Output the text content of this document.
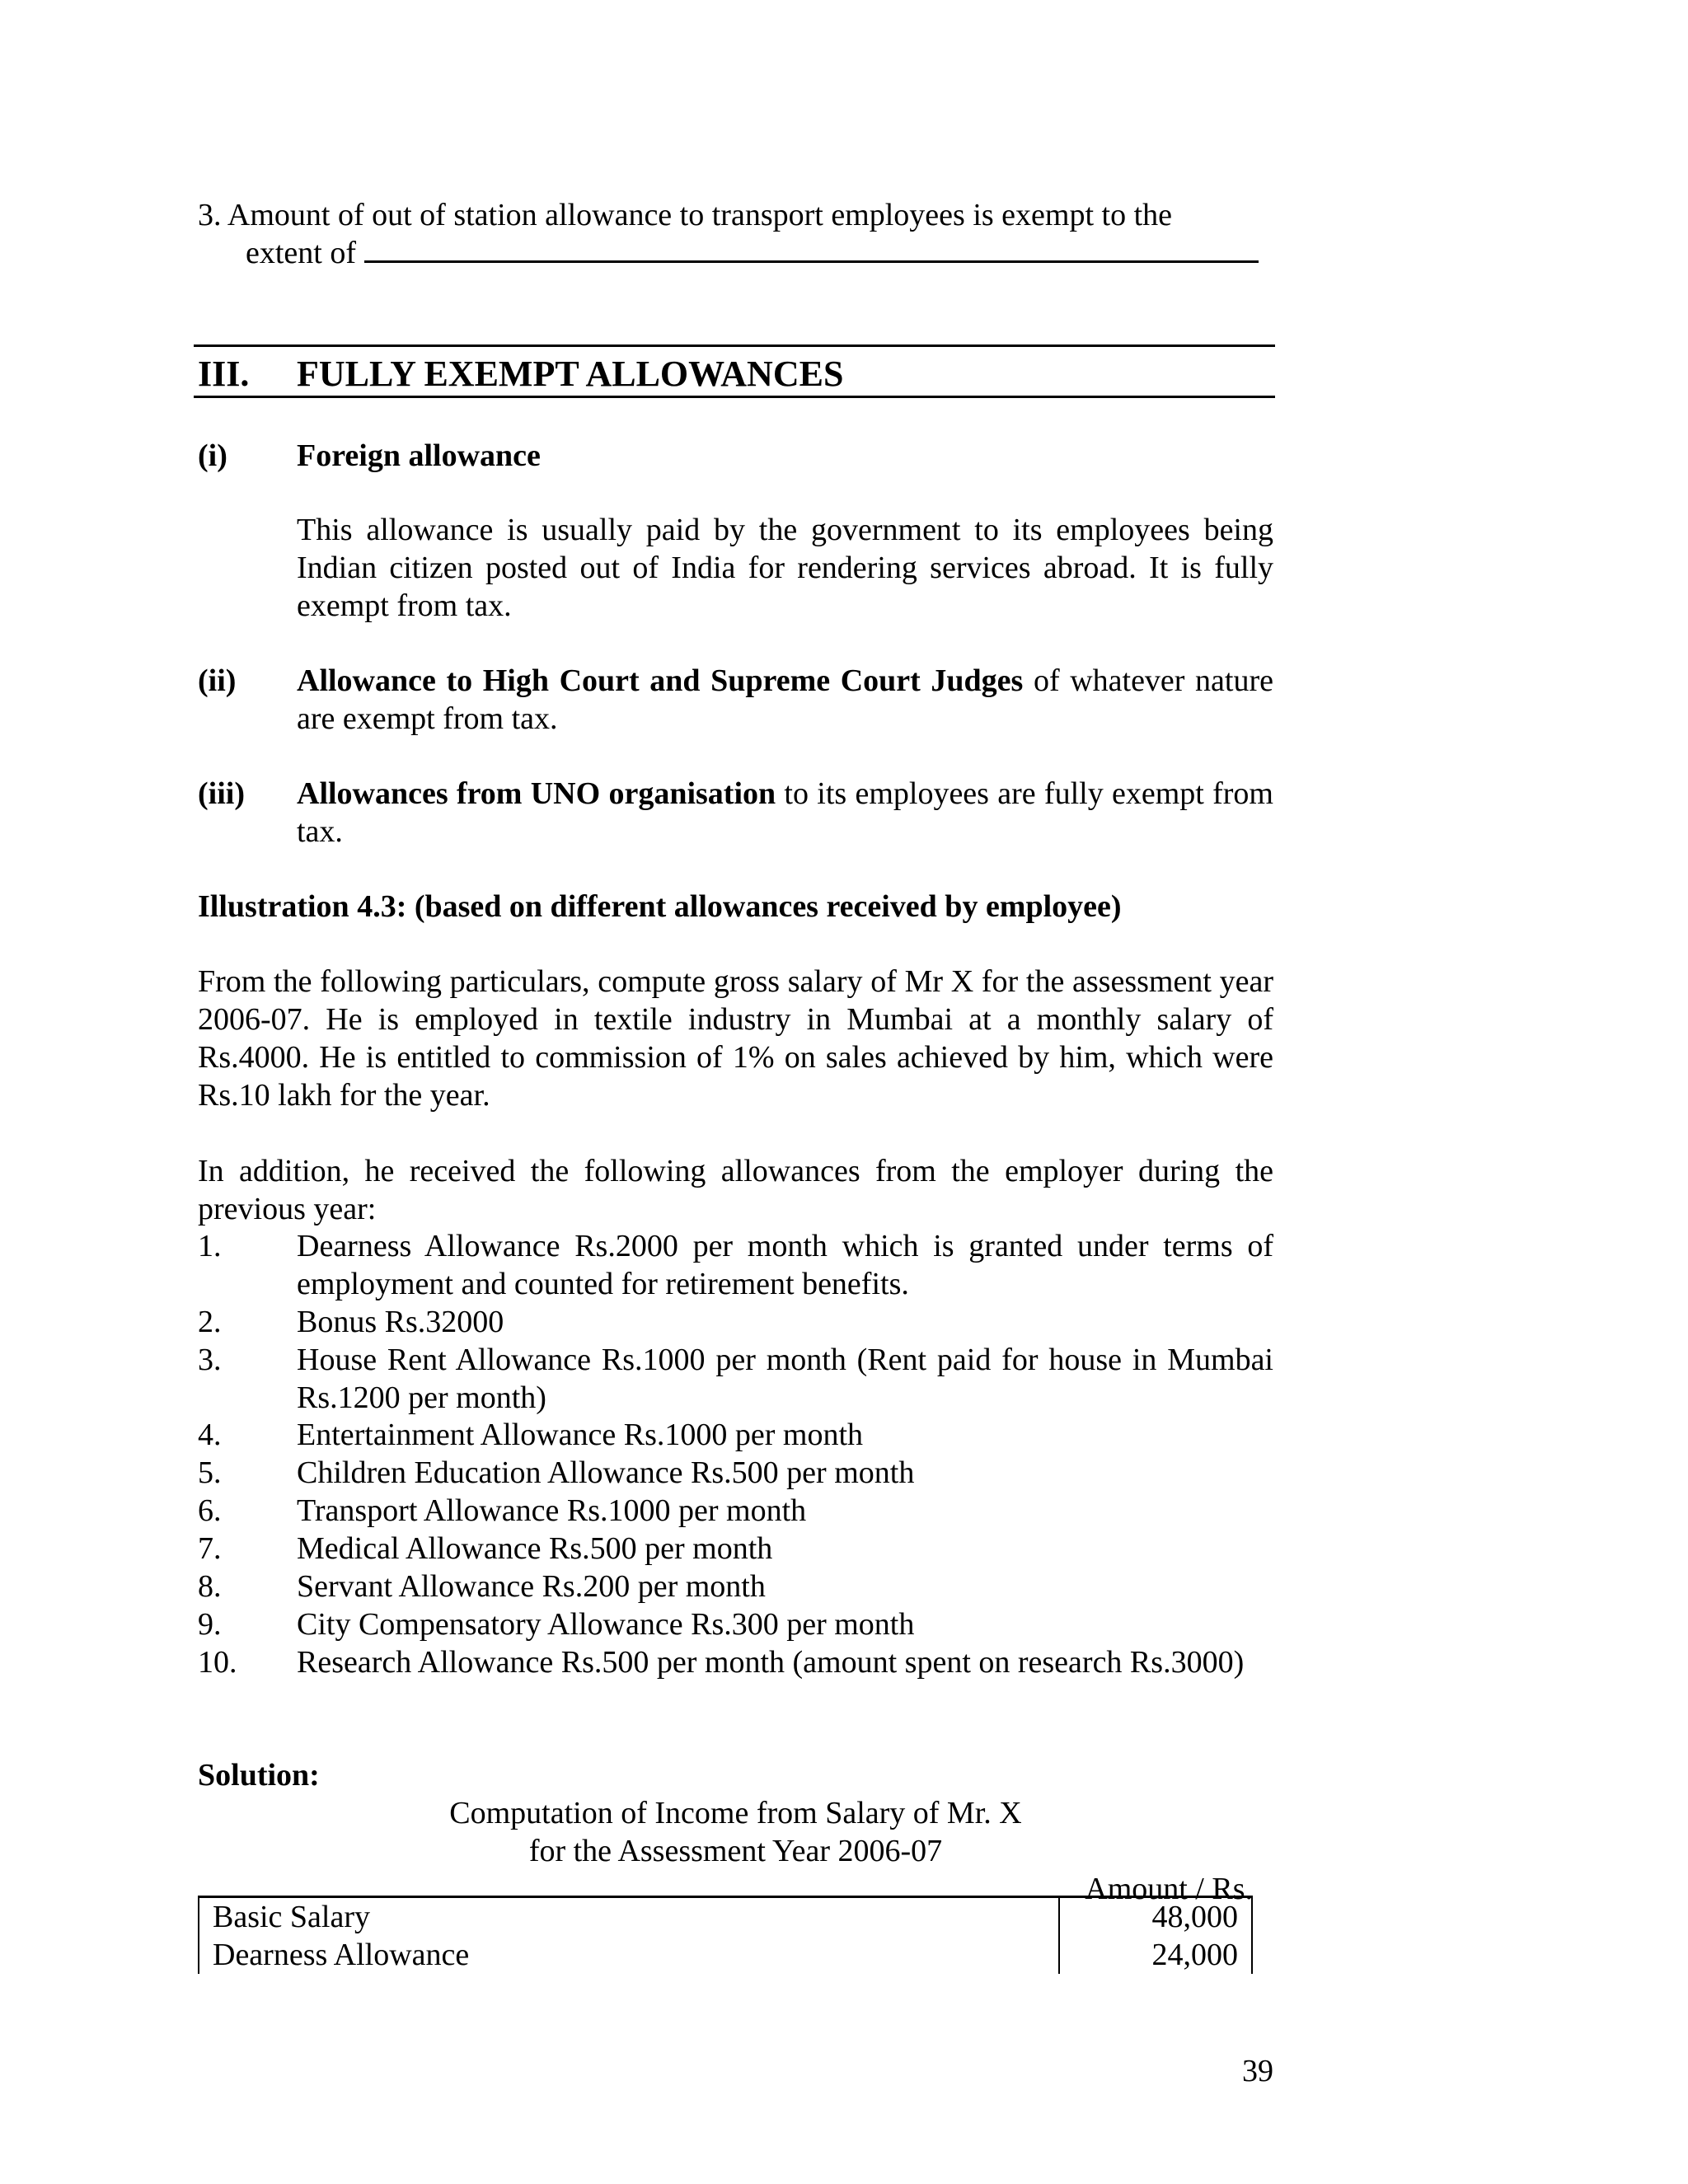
3. Amount of out of station allowance to transport employees is exempt to the
extent of
III. FULLY EXEMPT ALLOWANCES
(i) Foreign allowance
This allowance is usually paid by the government to its employees being Indian citizen posted out of India for rendering services abroad. It is fully exempt from tax.
(ii) Allowance to High Court and Supreme Court Judges of whatever nature are exempt from tax.
(iii) Allowances from UNO organisation to its employees are fully exempt from tax.
Illustration 4.3: (based on different allowances received by employee)
From the following particulars, compute gross salary of Mr X for the assessment year 2006-07. He is employed in textile industry in Mumbai at a monthly salary of Rs.4000. He is entitled to commission of 1% on sales achieved by him, which were Rs.10 lakh for the year.
In addition, he received the following allowances from the employer during the previous year:
1. Dearness Allowance Rs.2000 per month which is granted under terms of employment and counted for retirement benefits.
2. Bonus Rs.32000
3. House Rent Allowance Rs.1000 per month (Rent paid for house in Mumbai Rs.1200 per month)
4. Entertainment Allowance Rs.1000 per month
5. Children Education Allowance Rs.500 per month
6. Transport Allowance Rs.1000 per month
7. Medical Allowance Rs.500 per month
8. Servant Allowance Rs.200 per month
9. City Compensatory Allowance Rs.300 per month
10. Research Allowance Rs.500 per month (amount spent on research Rs.3000)
Solution:
Computation of Income from Salary of Mr. X
for the Assessment Year 2006-07
Amount / Rs.
Basic Salary	48,000
Dearness Allowance	24,000
39
